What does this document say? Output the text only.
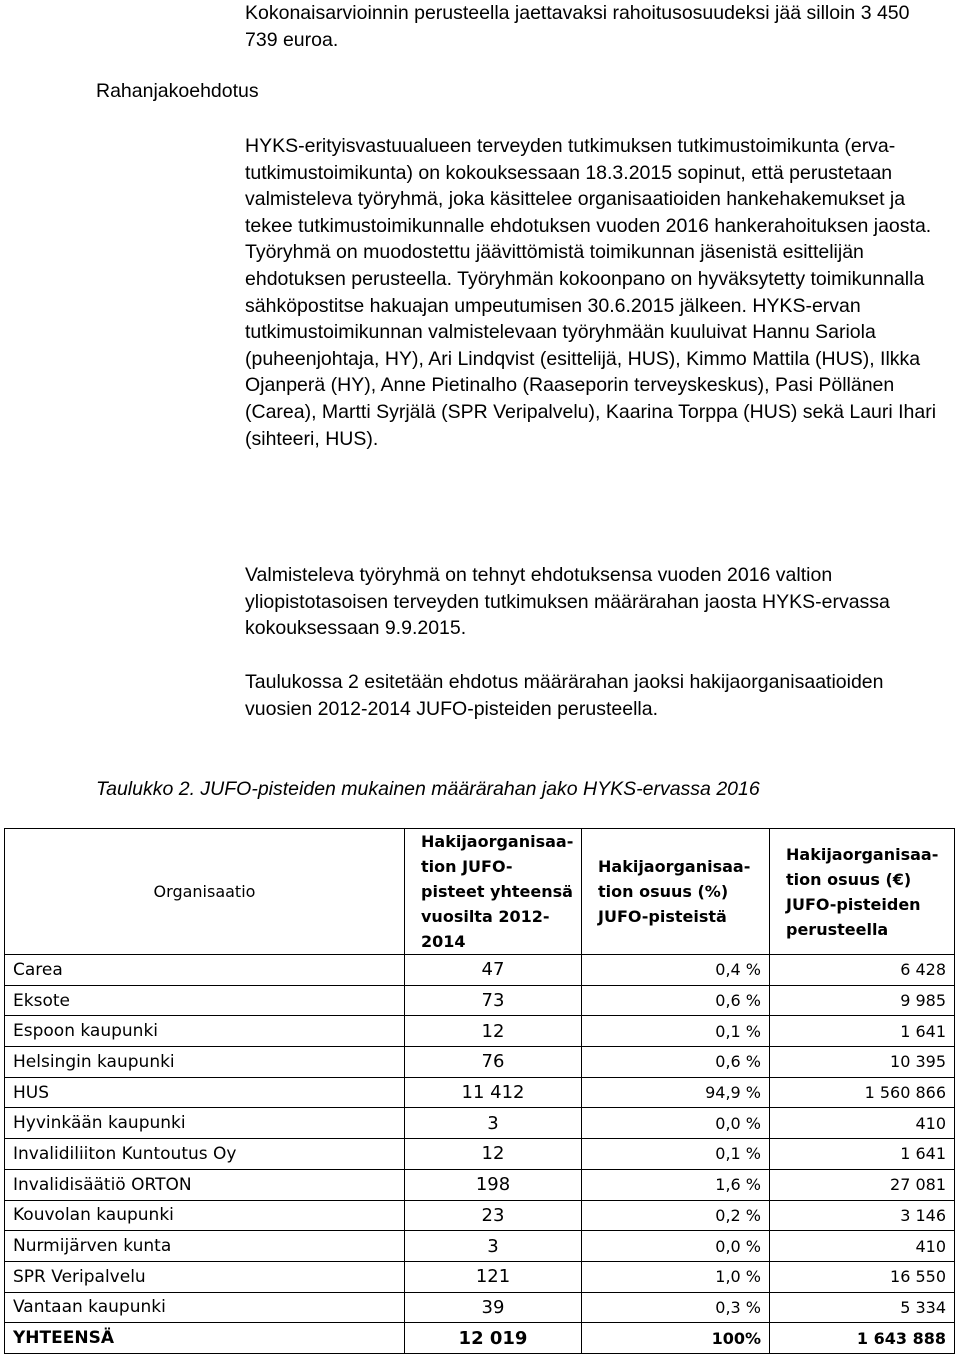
Kokonaisarvioinnin perusteella jaettavaksi rahoitusosuudeksi jää silloin 3 450 739 euroa.
Rahanjakoehdotus
HYKS-erityisvastuualueen terveyden tutkimuksen tutkimustoimikunta (erva-tutkimustoimikunta) on kokouksessaan 18.3.2015 sopinut, että perustetaan valmisteleva työryhmä, joka käsittelee organisaatioiden hankehakemukset ja tekee tutkimustoimikunnalle ehdotuksen vuoden 2016 hankerahoituksen jaosta. Työryhmä on muodostettu jäävittömistä toimikunnan jäsenistä esittelijän ehdotuksen perusteella. Työryhmän kokoonpano on hyväksytetty toimikunnalla sähköpostitse hakuajan umpeutumisen 30.6.2015 jälkeen. HYKS-ervan tutkimustoimikunnan valmistelevaan työryhmään kuuluivat Hannu Sariola (puheenjohtaja, HY), Ari Lindqvist (esittelijä, HUS), Kimmo Mattila (HUS), Ilkka Ojanperä (HY), Anne Pietinalho (Raaseporin terveyskeskus), Pasi Pöllänen (Carea), Martti Syrjälä (SPR Veripalvelu), Kaarina Torppa (HUS) sekä Lauri Ihari (sihteeri, HUS).
Valmisteleva työryhmä on tehnyt ehdotuksensa vuoden 2016 valtion yliopistotasoisen terveyden tutkimuksen määrärahan jaosta HYKS-ervassa kokouksessaan 9.9.2015.
Taulukossa 2 esitetään ehdotus määrärahan jaoksi hakijaorganisaatioiden vuosien 2012-2014 JUFO-pisteiden perusteella.
Taulukko 2. JUFO-pisteiden mukainen määrärahan jako HYKS-ervassa 2016
Organisaatio	Hakijaorganisaa-tion JUFO-pisteet yhteensä vuosilta 2012-2014	Hakijaorganisaa-tion osuus (%) JUFO-pisteistä	Hakijaorganisaa-tion osuus (€) JUFO-pisteiden perusteella
Carea	47	0,4 %	6 428
Eksote	73	0,6 %	9 985
Espoon kaupunki	12	0,1 %	1 641
Helsingin kaupunki	76	0,6 %	10 395
HUS	11 412	94,9 %	1 560 866
Hyvinkään kaupunki	3	0,0 %	410
Invalidiliiton Kuntoutus Oy	12	0,1 %	1 641
Invalidisäätiö ORTON	198	1,6 %	27 081
Kouvolan kaupunki	23	0,2 %	3 146
Nurmijärven kunta	3	0,0 %	410
SPR Veripalvelu	121	1,0 %	16 550
Vantaan kaupunki	39	0,3 %	5 334
YHTEENSÄ	12 019	100%	1 643 888
